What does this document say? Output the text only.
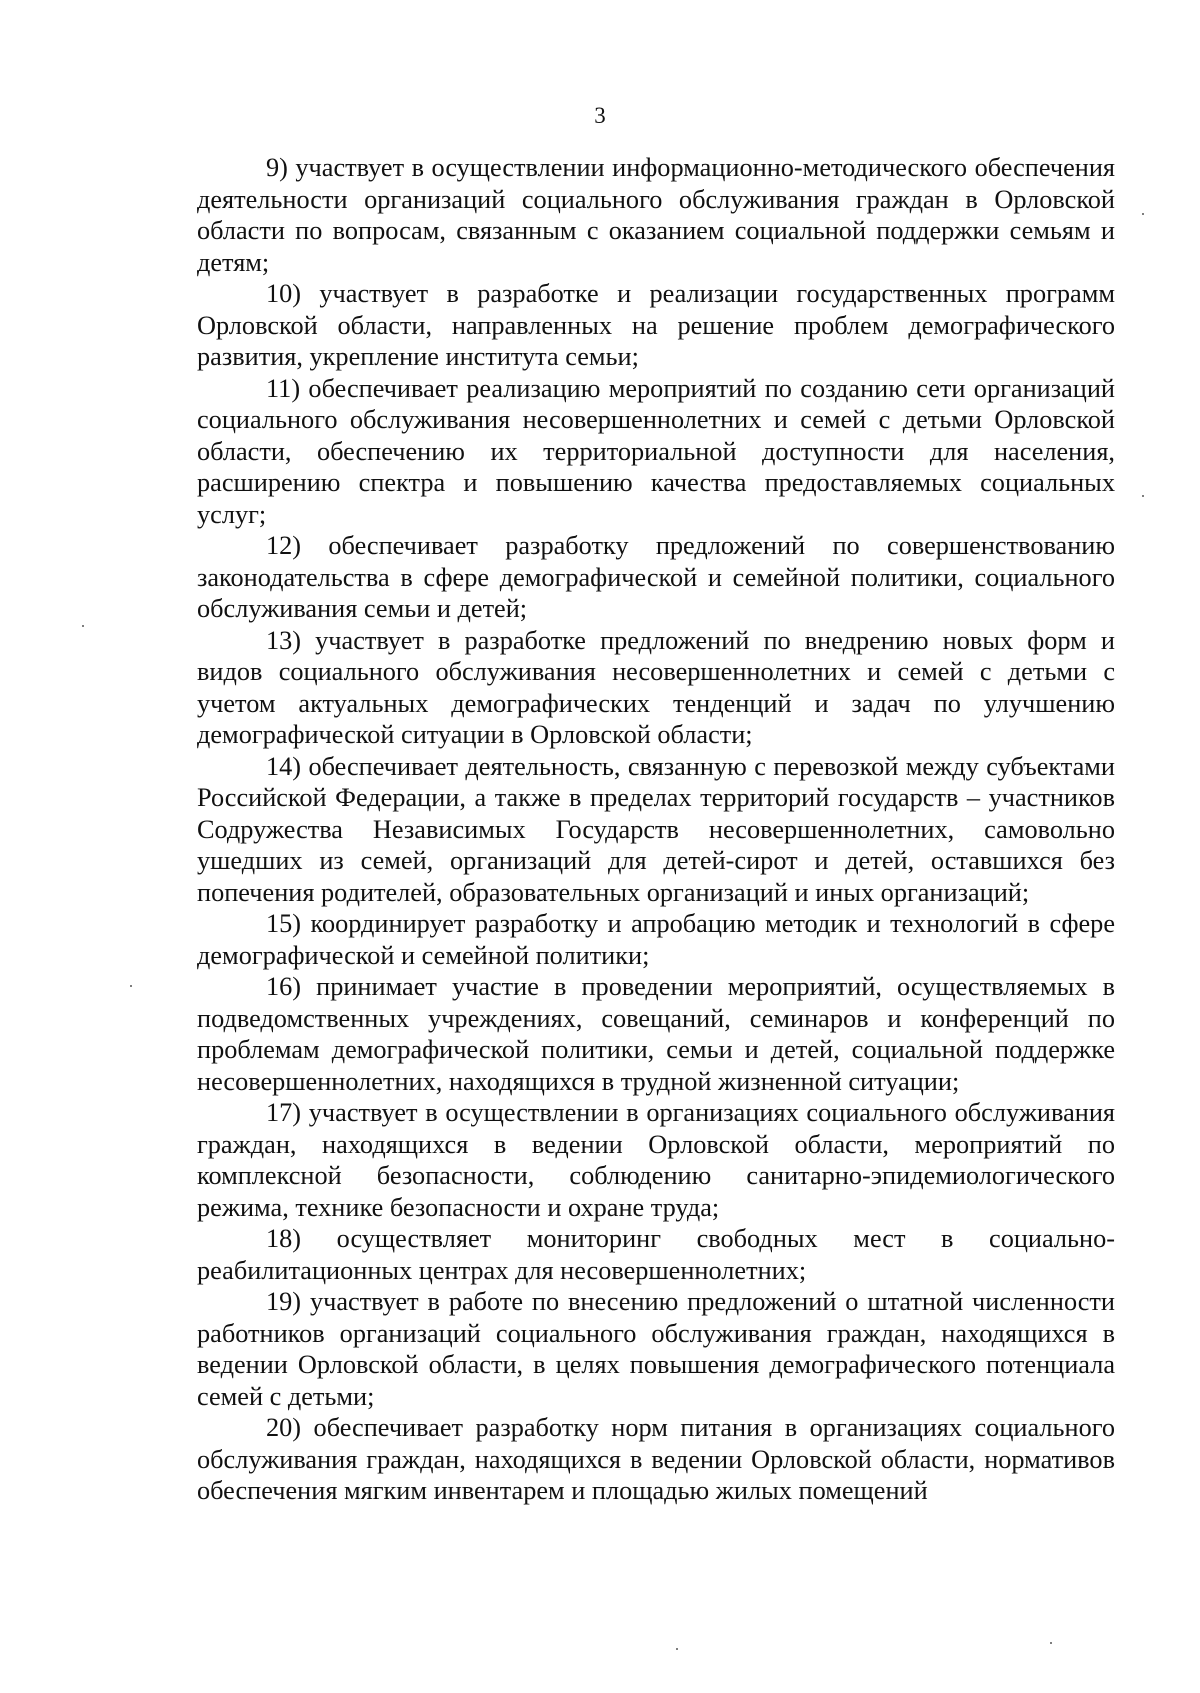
3

9) участвует в осуществлении информационно-методического обеспечения деятельности организаций социального обслуживания граждан в Орловской области по вопросам, связанным с оказанием социальной поддержки семьям и детям;

10) участвует в разработке и реализации государственных программ Орловской области, направленных на решение проблем демографического развития, укрепление института семьи;

11) обеспечивает реализацию мероприятий по созданию сети организаций социального обслуживания несовершеннолетних и семей с детьми Орловской области, обеспечению их территориальной доступности для населения, расширению спектра и повышению качества предоставляемых социальных услуг;

12) обеспечивает разработку предложений по совершенствованию законодательства в сфере демографической и семейной политики, социального обслуживания семьи и детей;

13) участвует в разработке предложений по внедрению новых форм и видов социального обслуживания несовершеннолетних и семей с детьми с учетом актуальных демографических тенденций и задач по улучшению демографической ситуации в Орловской области;

14) обеспечивает деятельность, связанную с перевозкой между субъектами Российской Федерации, а также в пределах территорий государств – участников Содружества Независимых Государств несовершеннолетних, самовольно ушедших из семей, организаций для детей-сирот и детей, оставшихся без попечения родителей, образовательных организаций и иных организаций;

15) координирует разработку и апробацию методик и технологий в сфере демографической и семейной политики;

16) принимает участие в проведении мероприятий, осуществляемых в подведомственных учреждениях, совещаний, семинаров и конференций по проблемам демографической политики, семьи и детей, социальной поддержке несовершеннолетних, находящихся в трудной жизненной ситуации;

17) участвует в осуществлении в организациях социального обслуживания граждан, находящихся в ведении Орловской области, мероприятий по комплексной безопасности, соблюдению санитарно-эпидемиологического режима, технике безопасности и охране труда;

18) осуществляет мониторинг свободных мест в социально-реабилитационных центрах для несовершеннолетних;

19) участвует в работе по внесению предложений о штатной численности работников организаций социального обслуживания граждан, находящихся в ведении Орловской области, в целях повышения демографического потенциала семей с детьми;

20) обеспечивает разработку норм питания в организациях социального обслуживания граждан, находящихся в ведении Орловской области, нормативов обеспечения мягким инвентарем и площадью жилых помещений
